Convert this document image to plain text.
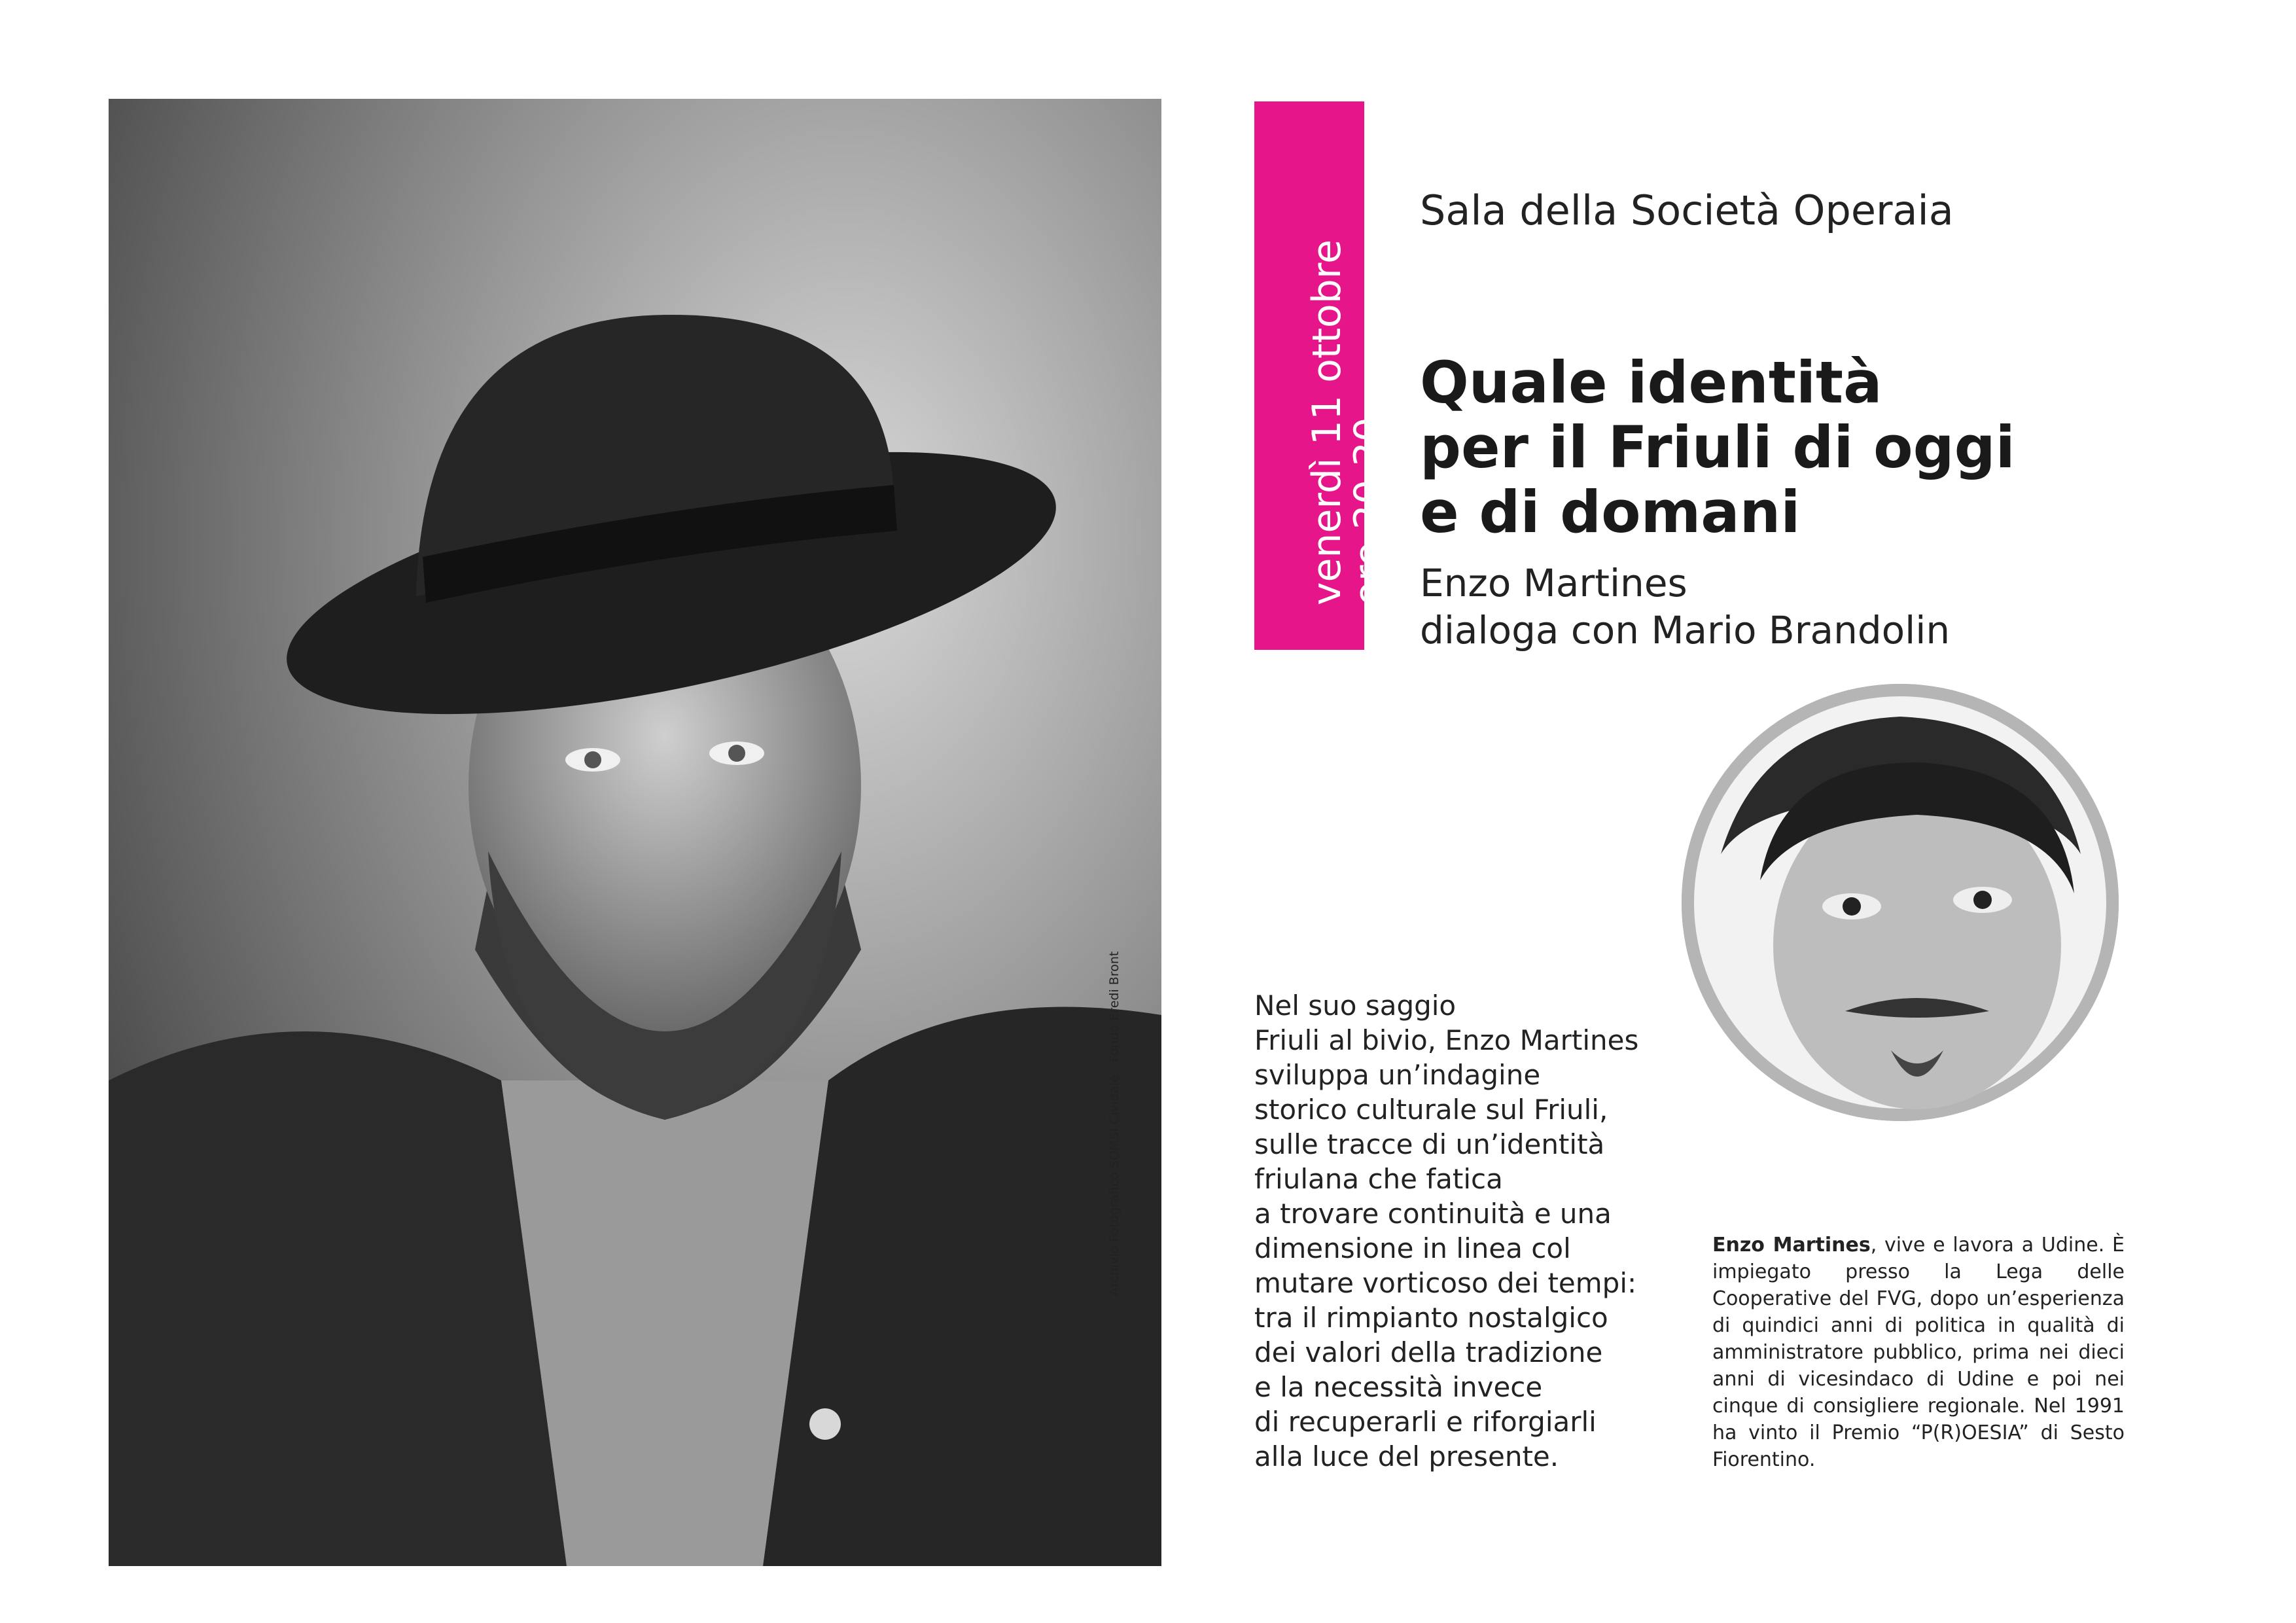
Archivio Fotografico SOMSI Cividale - Fondo Eredi Bront
venerdì 11 ottobre
ore 20.30
Sala della Società Operaia
Quale identità
per il Friuli di oggi
e di domani
Enzo Martines
dialoga con Mario Brandolin
Nel suo saggio
Friuli al bivio, Enzo Martines
sviluppa un’indagine
storico culturale sul Friuli,
sulle tracce di un’identità
friulana che fatica
a trovare continuità e una
dimensione in linea col
mutare vorticoso dei tempi:
tra il rimpianto nostalgico
dei valori della tradizione
e la necessità invece
di recuperarli e riforgiarli
alla luce del presente.
Enzo Martines, vive e lavora a Udine. È impiegato presso la Lega delle Cooperative del FVG, dopo un’esperienza di quindici anni di politica in qualità di amministratore pubblico, prima nei dieci anni di vicesindaco di Udine e poi nei cinque di consigliere regionale. Nel 1991 ha vinto il Premio “P(R)OESIA” di Sesto Fiorentino.
